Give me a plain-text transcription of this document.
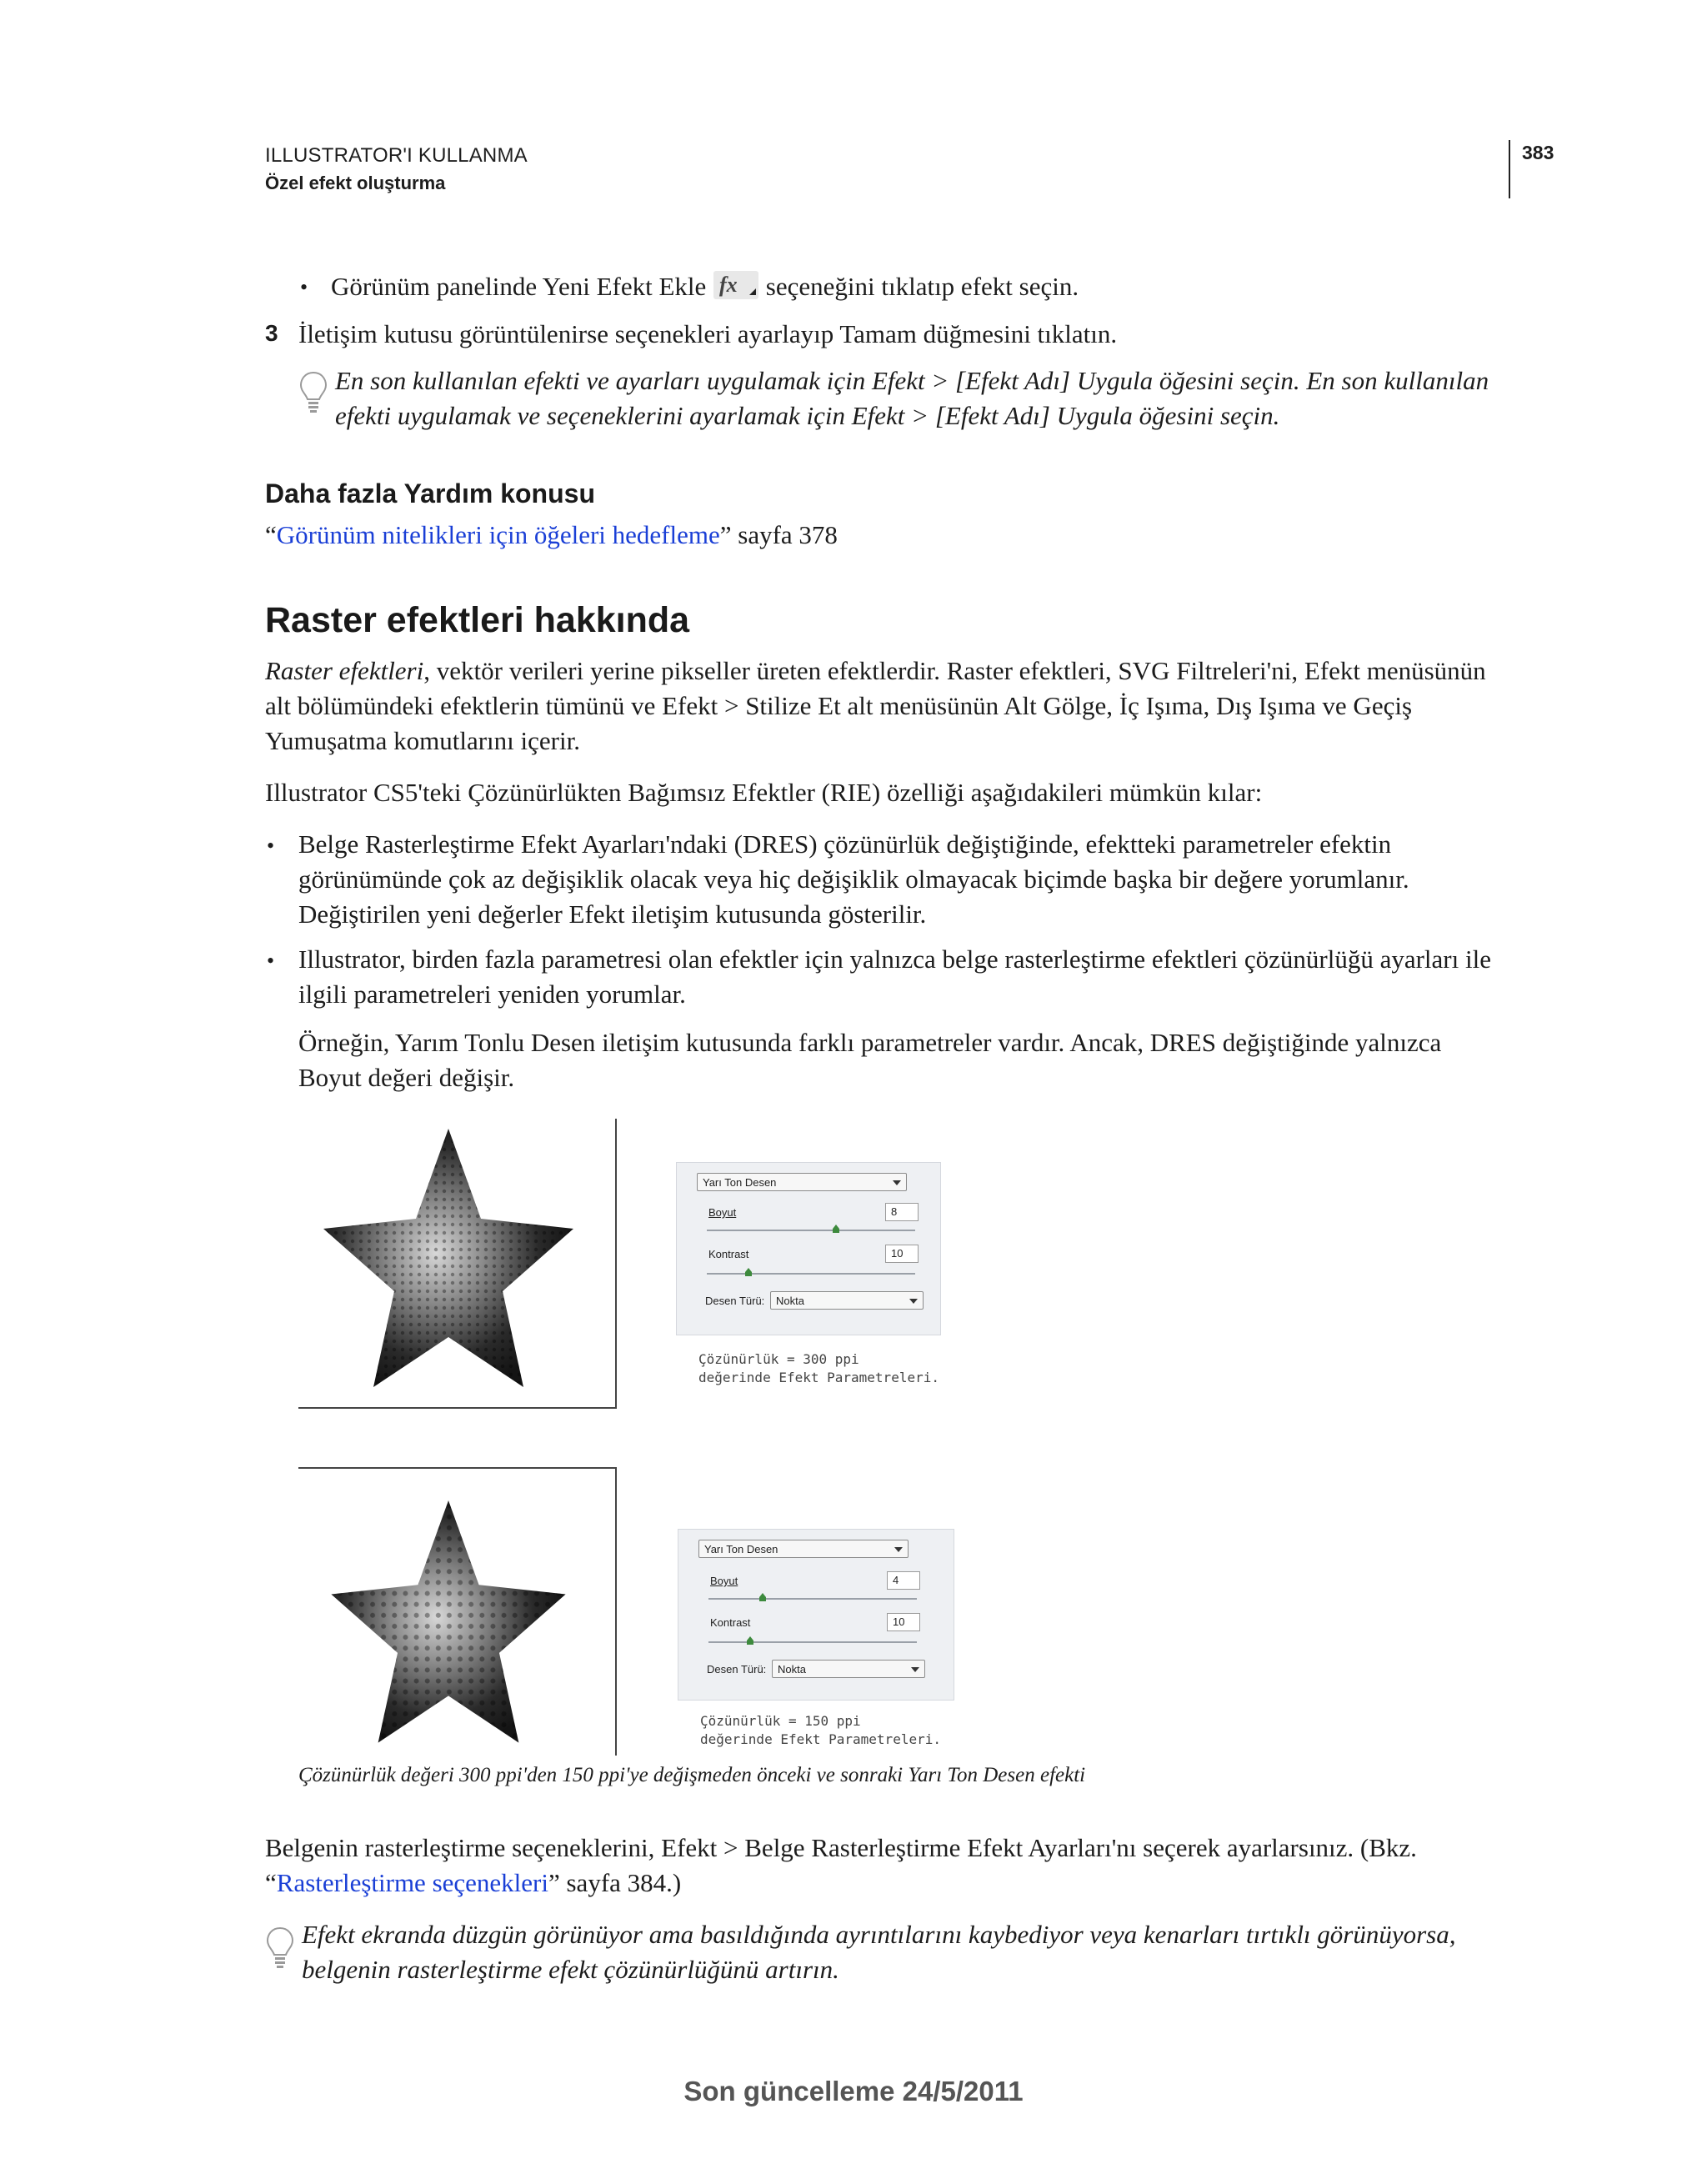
ILLUSTRATOR'I KULLANMA
Özel efekt oluşturma
383
• Görünüm panelinde Yeni Efekt Ekle fx seçeneğini tıklatıp efekt seçin.
3 İletişim kutusu görüntülenirse seçenekleri ayarlayıp Tamam düğmesini tıklatın.
En son kullanılan efekti ve ayarları uygulamak için Efekt > [Efekt Adı] Uygula öğesini seçin. En son kullanılan
efekti uygulamak ve seçeneklerini ayarlamak için Efekt > [Efekt Adı] Uygula öğesini seçin.
Daha fazla Yardım konusu
“Görünüm nitelikleri için öğeleri hedefleme” sayfa 378
Raster efektleri hakkında
Raster efektleri, vektör verileri yerine pikseller üreten efektlerdir. Raster efektleri, SVG Filtreleri'ni, Efekt menüsünün
alt bölümündeki efektlerin tümünü ve Efekt > Stilize Et alt menüsünün Alt Gölge, İç Işıma, Dış Işıma ve Geçiş
Yumuşatma komutlarını içerir.
Illustrator CS5'teki Çözünürlükten Bağımsız Efektler (RIE) özelliği aşağıdakileri mümkün kılar:
• Belge Rasterleştirme Efekt Ayarları'ndaki (DRES) çözünürlük değiştiğinde, efektteki parametreler efektin
görünümünde çok az değişiklik olacak veya hiç değişiklik olmayacak biçimde başka bir değere yorumlanır.
Değiştirilen yeni değerler Efekt iletişim kutusunda gösterilir.
• Illustrator, birden fazla parametresi olan efektler için yalnızca belge rasterleştirme efektleri çözünürlüğü ayarları ile
ilgili parametreleri yeniden yorumlar.
Örneğin, Yarım Tonlu Desen iletişim kutusunda farklı parametreler vardır. Ancak, DRES değiştiğinde yalnızca
Boyut değeri değişir.
Yarı Ton Desen
Boyut	8
Kontrast	10
Desen Türü:	Nokta
Çözünürlük = 300 ppi
değerinde Efekt Parametreleri.
Yarı Ton Desen
Boyut	4
Kontrast	10
Desen Türü:	Nokta
Çözünürlük = 150 ppi
değerinde Efekt Parametreleri.
Çözünürlük değeri 300 ppi'den 150 ppi'ye değişmeden önceki ve sonraki Yarı Ton Desen efekti
Belgenin rasterleştirme seçeneklerini, Efekt > Belge Rasterleştirme Efekt Ayarları'nı seçerek ayarlarsınız. (Bkz.
“Rasterleştirme seçenekleri” sayfa 384.)
Efekt ekranda düzgün görünüyor ama basıldığında ayrıntılarını kaybediyor veya kenarları tırtıklı görünüyorsa,
belgenin rasterleştirme efekt çözünürlüğünü artırın.
Son güncelleme 24/5/2011
